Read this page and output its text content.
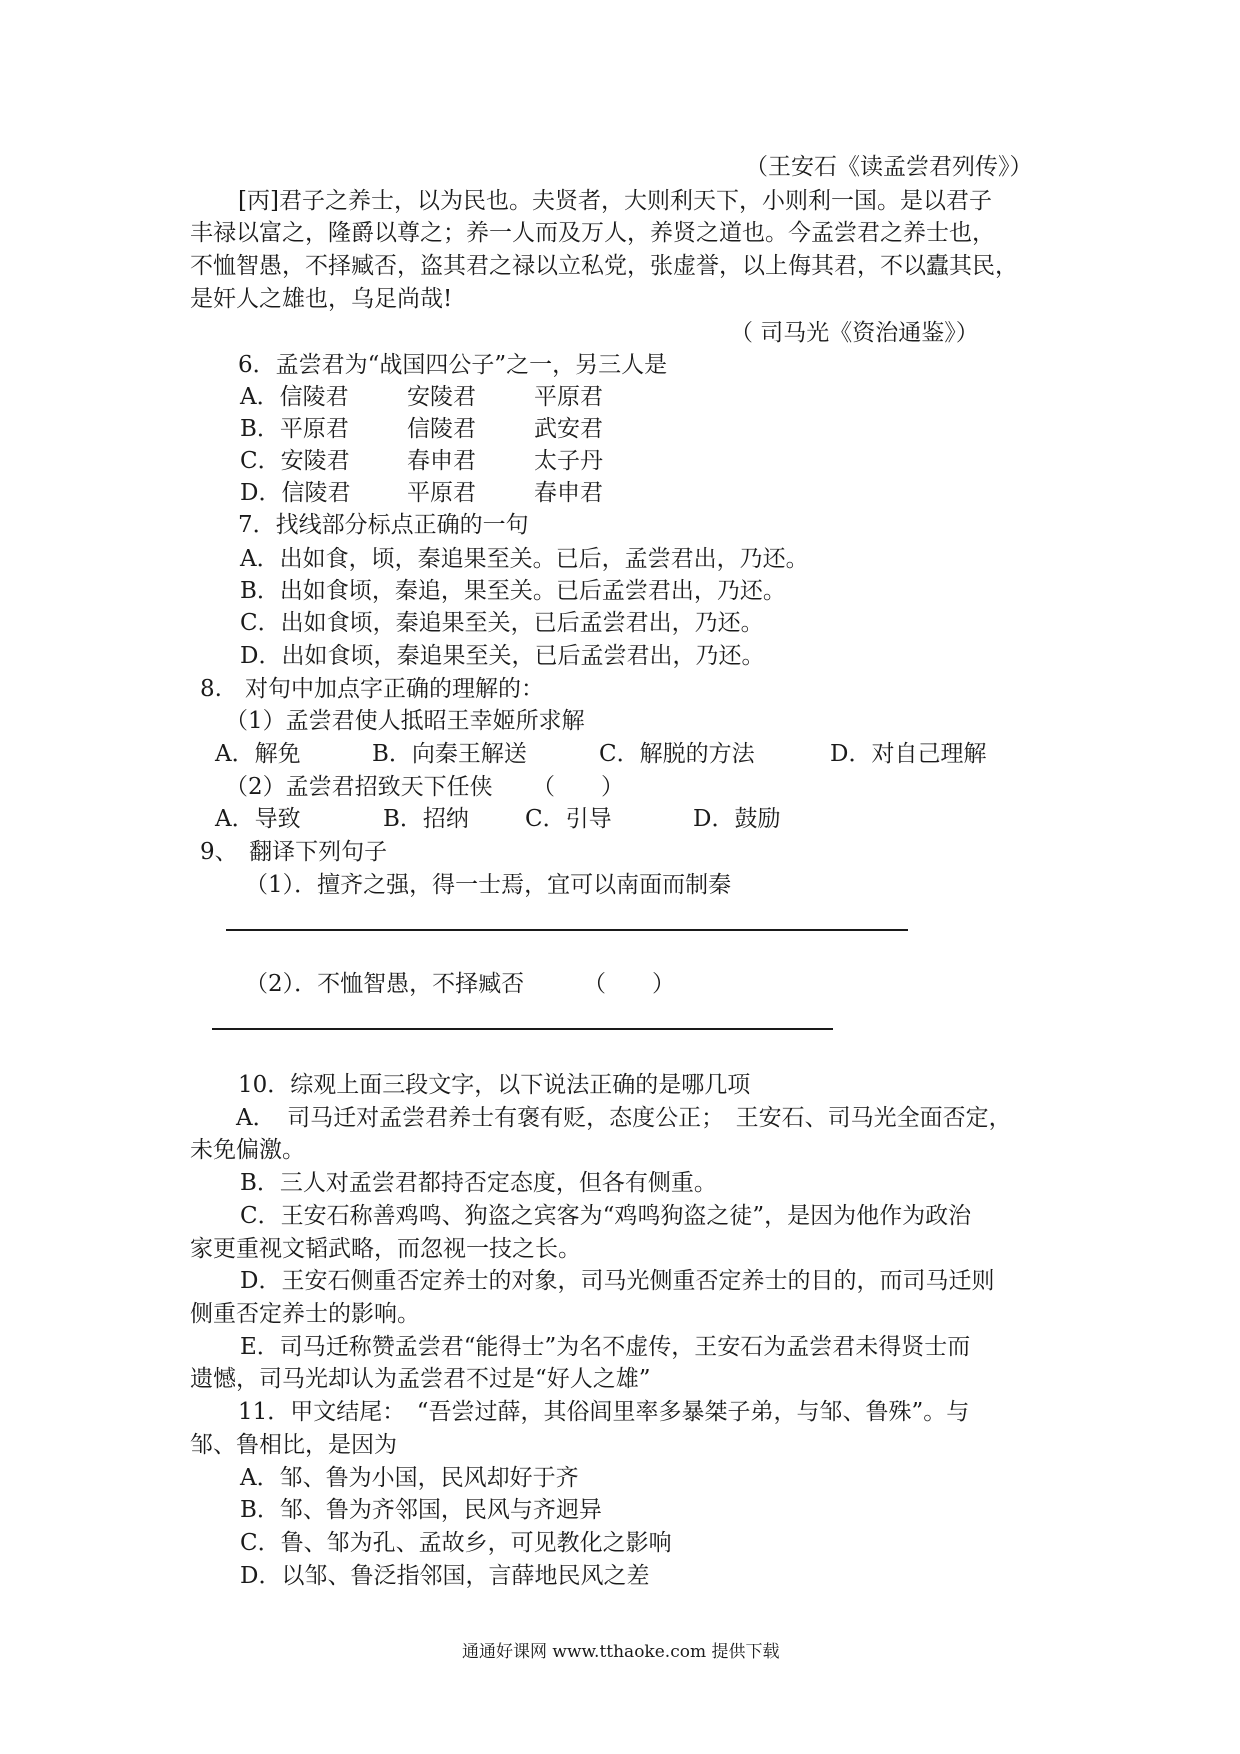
（王安石《读孟尝君列传》）
[丙]君子之养士，以为民也。夫贤者，大则利天下，小则利一国。是以君子
丰禄以富之，隆爵以尊之；养一人而及万人，养贤之道也。今孟尝君之养士也，
不恤智愚，不择臧否，盗其君之禄以立私党，张虚誉，以上侮其君，不以蠹其民，
是奸人之雄也，乌足尚哉!
（ 司马光《资治通鉴》）
6．孟尝君为“战国四公子”之一，另三人是
A．信陵君	安陵君	平原君
B．平原君	信陵君	武安君
C．安陵君 春申君	太子丹
D．信陵君 平原君	春申君
7．找线部分标点正确的一句
A．出如食，顷，秦追果至关。已后，孟尝君出，乃还。
B．出如食顷，秦追，果至关。已后孟尝君出，乃还。
C．出如食顷，秦追果至关，已后孟尝君出，乃还。
D．出如食顷，秦追果至关，已后孟尝君出，乃还。
8.　对句中加点字正确的理解的：
（1）孟尝君使人抵昭王幸姬所求解
A．解免	B．向秦王解送	C．解脱的方法	D．对自己理解
（2）孟尝君招致天下任侠 （　　）
A．导致	B．招纳 C．引导	D．鼓励
9、　翻译下列句子
（1）．擅齐之强，得一士焉，宜可以南面而制秦
（2）．不恤智愚，不择臧否	（　　）
10．综观上面三段文字，以下说法正确的是哪几项
A．　司马迁对孟尝君养士有褒有贬，态度公正；　王安石、司马光全面否定，
未免偏激。
B．三人对孟尝君都持否定态度，但各有侧重。
C．王安石称善鸡鸣、狗盗之宾客为“鸡鸣狗盗之徒”，是因为他作为政治
家更重视文韬武略，而忽视一技之长。
D．王安石侧重否定养士的对象，司马光侧重否定养士的目的，而司马迁则
侧重否定养士的影响。
E．司马迁称赞孟尝君“能得士”为名不虚传，王安石为孟尝君未得贤士而
遗憾，司马光却认为孟尝君不过是“好人之雄”
11．甲文结尾：　“吾尝过薛，其俗闾里率多暴桀子弟，与邹、鲁殊”。与
邹、鲁相比，是因为
A．邹、鲁为小国，民风却好于齐
B．邹、鲁为齐邻国，民风与齐迥异
C．鲁、邹为孔、孟故乡，可见教化之影响
D．以邹、鲁泛指邻国，言薛地民风之差
通通好课网 www.tthaoke.com 提供下载
